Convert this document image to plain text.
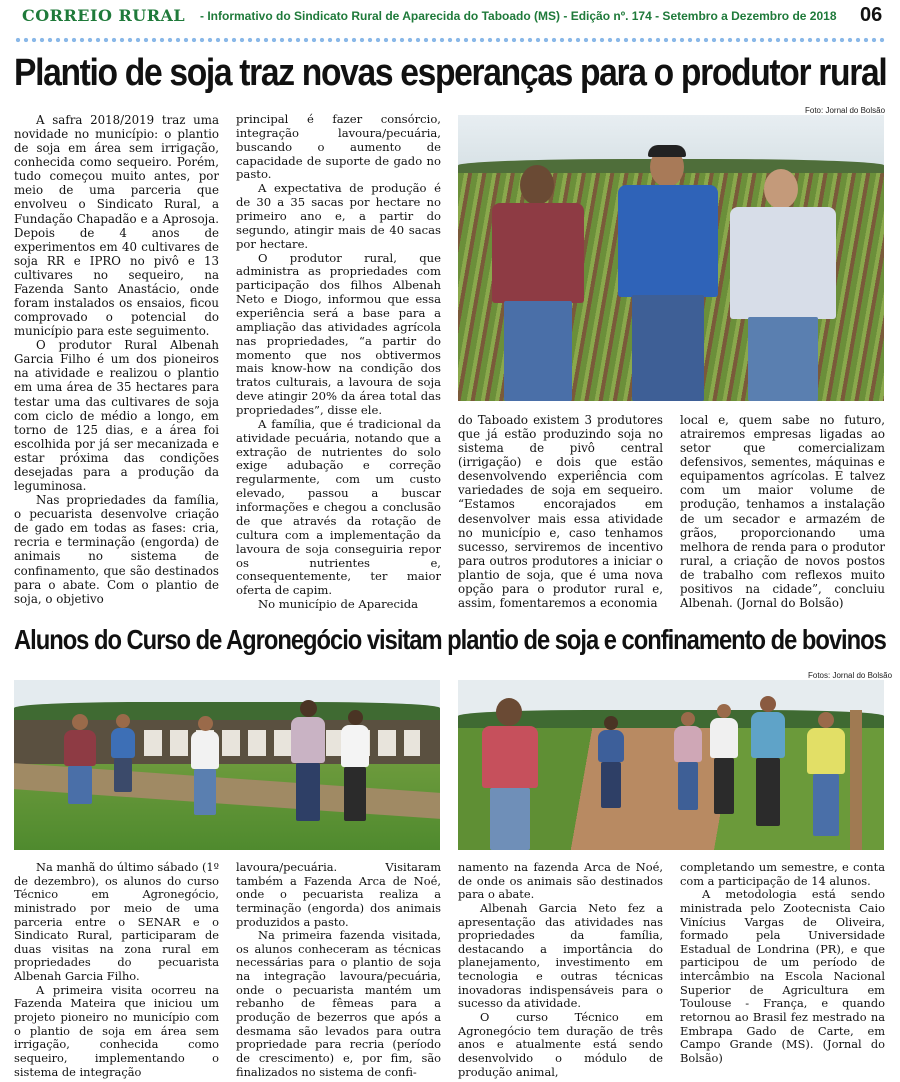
CORREIO RURAL - Informativo do Sindicato Rural de Aparecida do Taboado (MS) - Edição nº. 174 - Setembro a Dezembro de 2018 06
Plantio de soja traz novas esperanças para o produtor rural
Foto: Jornal do Bolsão

A safra 2018/2019 traz uma novidade no município: o plantio de soja em área sem irrigação, conhecida como sequeiro. Porém, tudo começou muito antes, por meio de uma parceria que envolveu o Sindicato Rural, a Fundação Chapadão e a Aprosoja. Depois de 4 anos de experimentos em 40 cultivares de soja RR e IPRO no pivô e 13 cultivares no sequeiro, na Fazenda Santo Anastácio, onde foram instalados os ensaios, ficou comprovado o potencial do município para este seguimento.

O produtor Rural Albenah Garcia Filho é um dos pioneiros na atividade e realizou o plantio em uma área de 35 hectares para testar uma das cultivares de soja com ciclo de médio a longo, em torno de 125 dias, e a área foi escolhida por já ser mecanizada e estar próxima das condições desejadas para a produção da leguminosa.

Nas propriedades da família, o pecuarista desenvolve criação de gado em todas as fases: cria, recria e terminação (engorda) de animais no sistema de confinamento, que são destinados para o abate. Com o plantio de soja, o objetivo

principal é fazer consórcio, integração lavoura/pecuária, buscando o aumento de capacidade de suporte de gado no pasto.

A expectativa de produção é de 30 a 35 sacas por hectare no primeiro ano e, a partir do segundo, atingir mais de 40 sacas por hectare.

O produtor rural, que administra as propriedades com participação dos filhos Albenah Neto e Diogo, informou que essa experiência será a base para a ampliação das atividades agrícola nas propriedades, “a partir do momento que nos obtivermos mais know-how na condição dos tratos culturais, a lavoura de soja deve atingir 20% da área total das propriedades”, disse ele.

A família, que é tradicional da atividade pecuária, notando que a extração de nutrientes do solo exige adubação e correção regularmente, com um custo elevado, passou a buscar informações e chegou a conclusão de que através da rotação de cultura com a implementação da lavoura de soja conseguiria repor os nutrientes e, consequentemente, ter maior oferta de capim.

No município de Aparecida

do Taboado existem 3 produtores que já estão produzindo soja no sistema de pivô central (irrigação) e dois que estão desenvolvendo experiência com variedades de soja em sequeiro. “Estamos encorajados em desenvolver mais essa atividade no município e, caso tenhamos sucesso, serviremos de incentivo para outros produtores a iniciar o plantio de soja, que é uma nova opção para o produtor rural e, assim, fomentaremos a economia

local e, quem sabe no futuro, atrairemos empresas ligadas ao setor que comercializam defensivos, sementes, máquinas e equipamentos agrícolas. E talvez com um maior volume de produção, tenhamos a instalação de um secador e armazém de grãos, proporcionando uma melhora de renda para o produtor rural, a criação de novos postos de trabalho com reflexos muito positivos na cidade”, concluiu Albenah. (Jornal do Bolsão)

Alunos do Curso de Agronegócio visitam plantio de soja e confinamento de bovinos
Fotos: Jornal do Bolsão

Na manhã do último sábado (1º de dezembro), os alunos do curso Técnico em Agronegócio, ministrado por meio de uma parceria entre o SENAR e o Sindicato Rural, participaram de duas visitas na zona rural em propriedades do pecuarista Albenah Garcia Filho.

A primeira visita ocorreu na Fazenda Mateira que iniciou um projeto pioneiro no município com o plantio de soja em área sem irrigação, conhecida como sequeiro, implementando o sistema de integração

lavoura/pecuária. Visitaram também a Fazenda Arca de Noé, onde o pecuarista realiza a terminação (engorda) dos animais produzidos a pasto.

Na primeira fazenda visitada, os alunos conheceram as técnicas necessárias para o plantio de soja na integração lavoura/pecuária, onde o pecuarista mantém um rebanho de fêmeas para a produção de bezerros que após a desmama são levados para outra propriedade para recria (período de crescimento) e, por fim, são finalizados no sistema de confi-

namento na fazenda Arca de Noé, de onde os animais são destinados para o abate.

Albenah Garcia Neto fez a apresentação das atividades nas propriedades da família, destacando a importância do planejamento, investimento em tecnologia e outras técnicas inovadoras indispensáveis para o sucesso da atividade.

O curso Técnico em Agronegócio tem duração de três anos e atualmente está sendo desenvolvido o módulo de produção animal,

completando um semestre, e conta com a participação de 14 alunos.

A metodologia está sendo ministrada pelo Zootecnista Caio Vinícius Vargas de Oliveira, formado pela Universidade Estadual de Londrina (PR), e que participou de um período de intercâmbio na Escola Nacional Superior de Agricultura em Toulouse - França, e quando retornou ao Brasil fez mestrado na Embrapa Gado de Carte, em Campo Grande (MS). (Jornal do Bolsão)
